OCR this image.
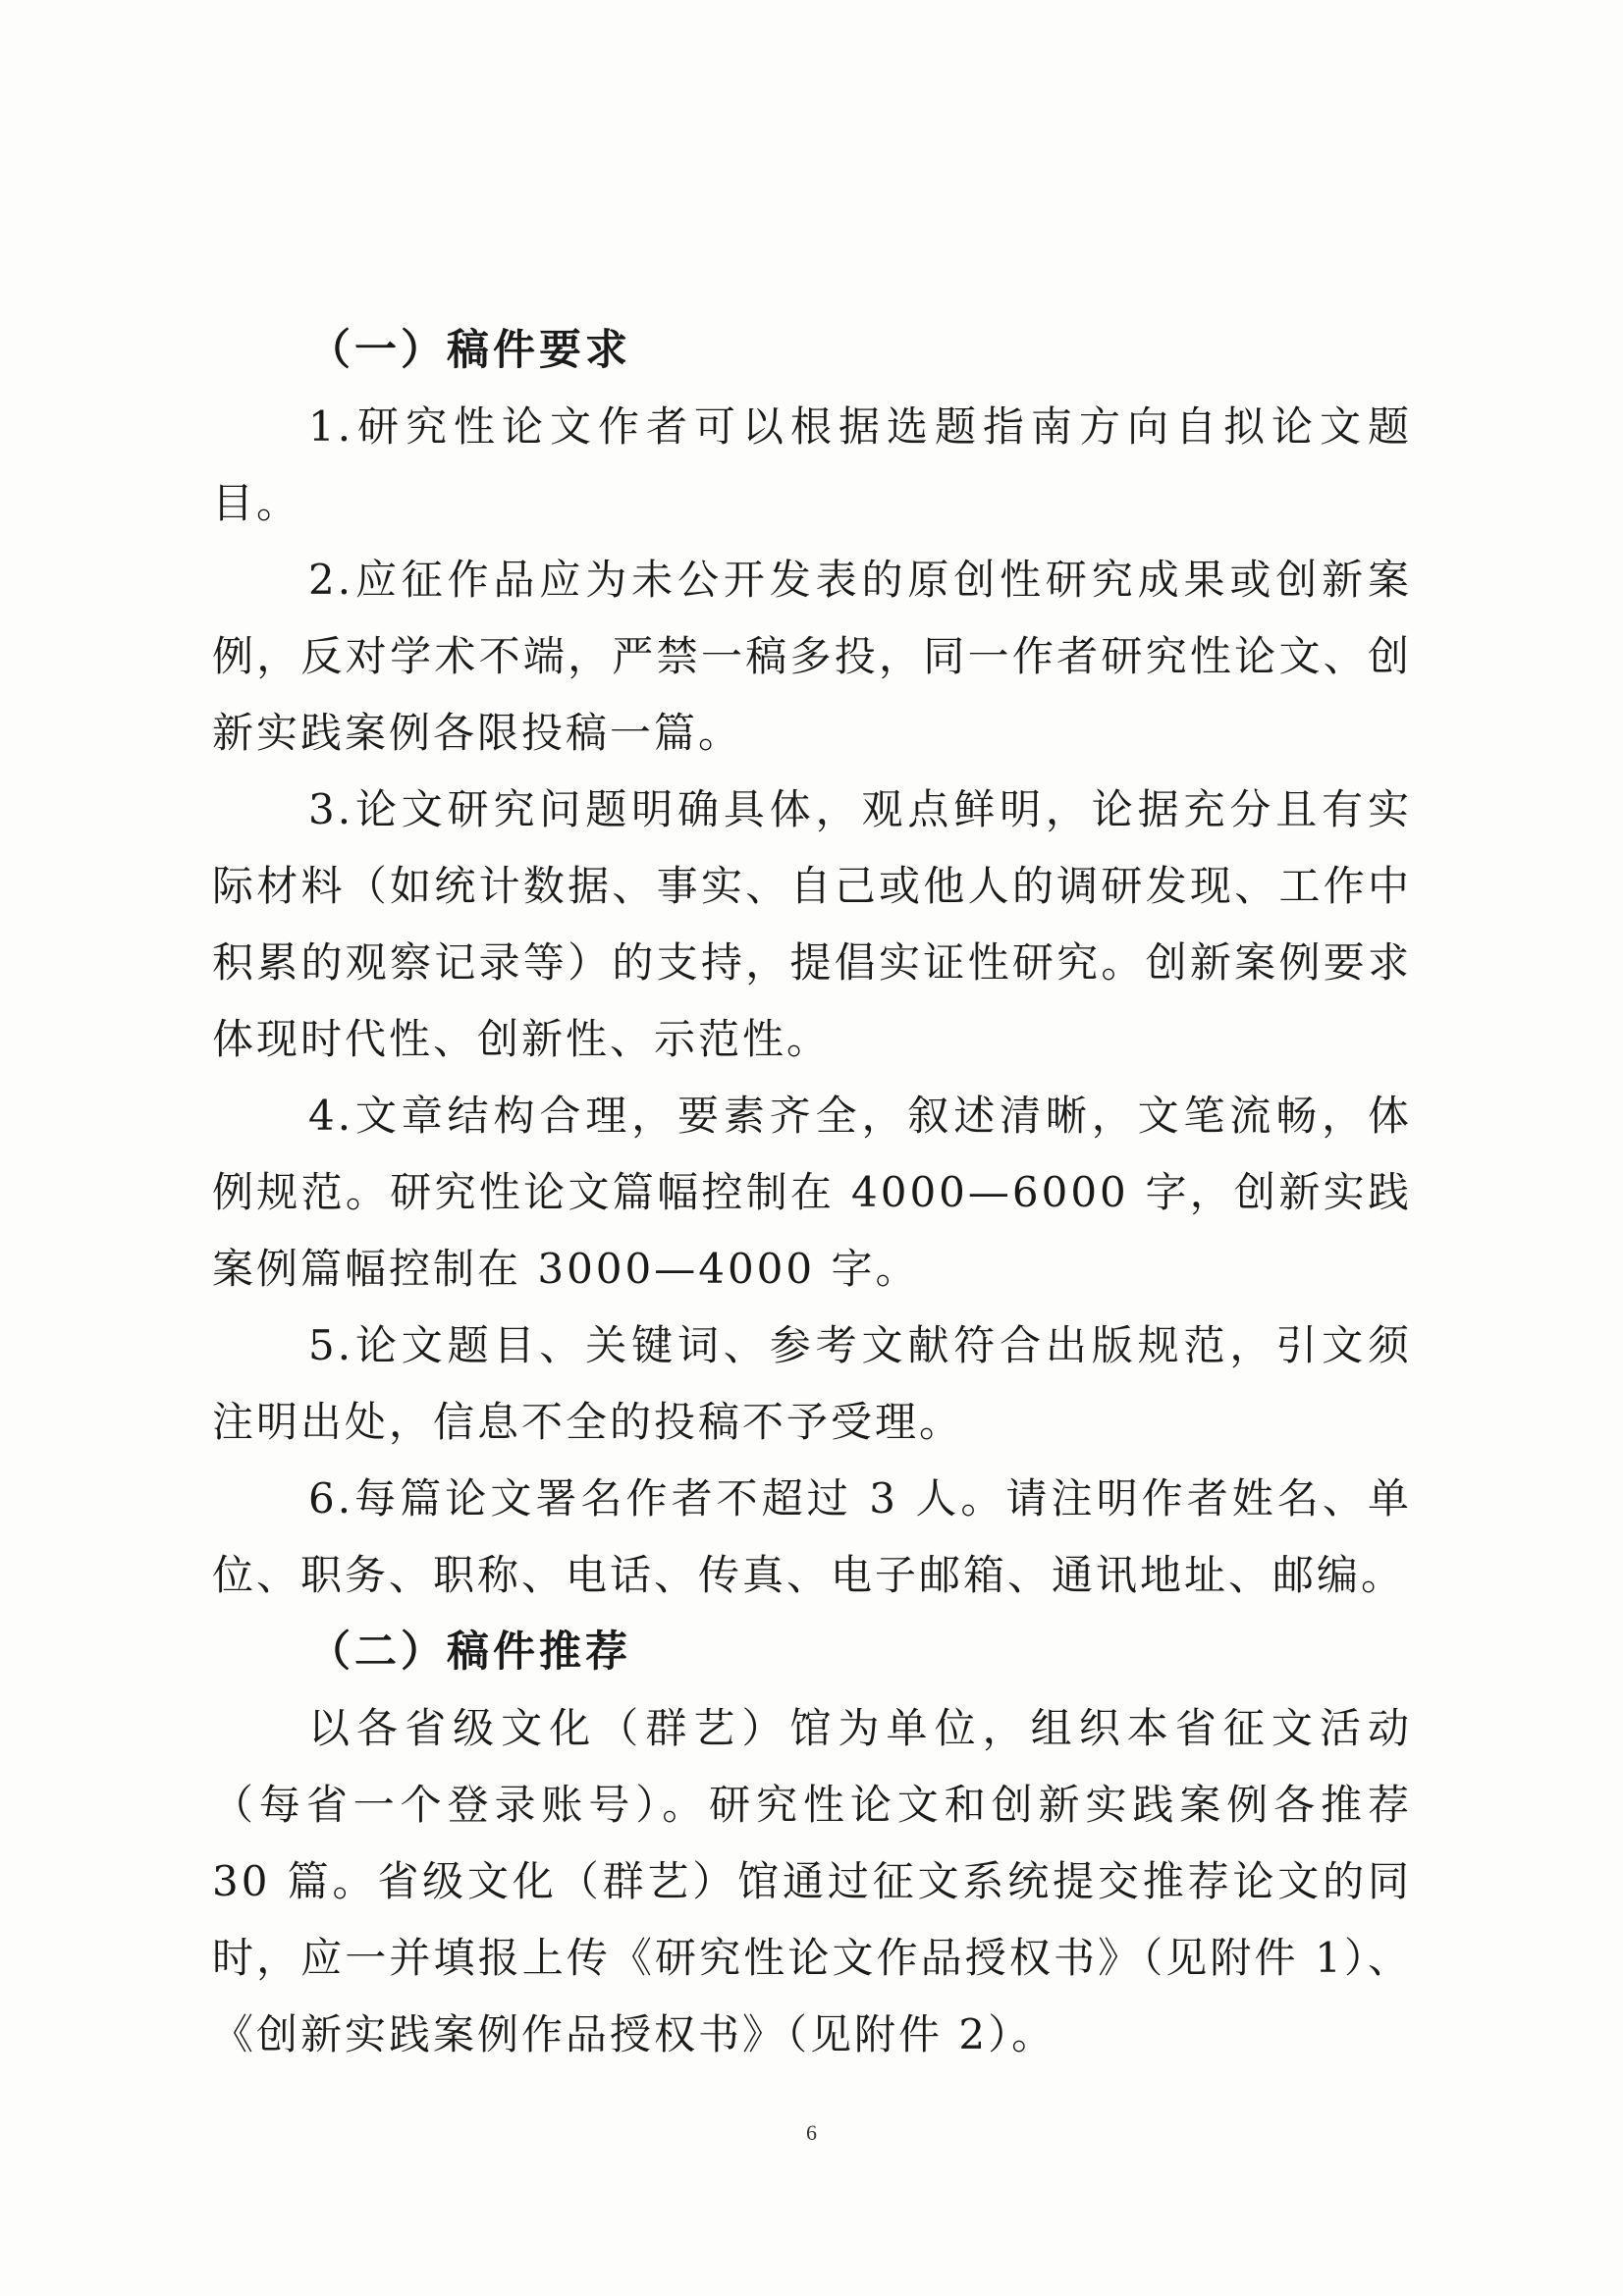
（一）稿件要求

1.研究性论文作者可以根据选题指南方向自拟论文题目。

2.应征作品应为未公开发表的原创性研究成果或创新案例，反对学术不端，严禁一稿多投，同一作者研究性论文、创新实践案例各限投稿一篇。

3.论文研究问题明确具体，观点鲜明，论据充分且有实际材料（如统计数据、事实、自己或他人的调研发现、工作中积累的观察记录等）的支持，提倡实证性研究。创新案例要求体现时代性、创新性、示范性。

4.文章结构合理，要素齐全，叙述清晰，文笔流畅，体例规范。研究性论文篇幅控制在 4000—6000 字，创新实践案例篇幅控制在 3000—4000 字。

5.论文题目、关键词、参考文献符合出版规范，引文须注明出处，信息不全的投稿不予受理。

6.每篇论文署名作者不超过 3 人。请注明作者姓名、单位、职务、职称、电话、传真、电子邮箱、通讯地址、邮编。

（二）稿件推荐

以各省级文化（群艺）馆为单位，组织本省征文活动（每省一个登录账号）。研究性论文和创新实践案例各推荐 30 篇。省级文化（群艺）馆通过征文系统提交推荐论文的同时，应一并填报上传《研究性论文作品授权书》（见附件 1）、《创新实践案例作品授权书》（见附件 2）。

6
